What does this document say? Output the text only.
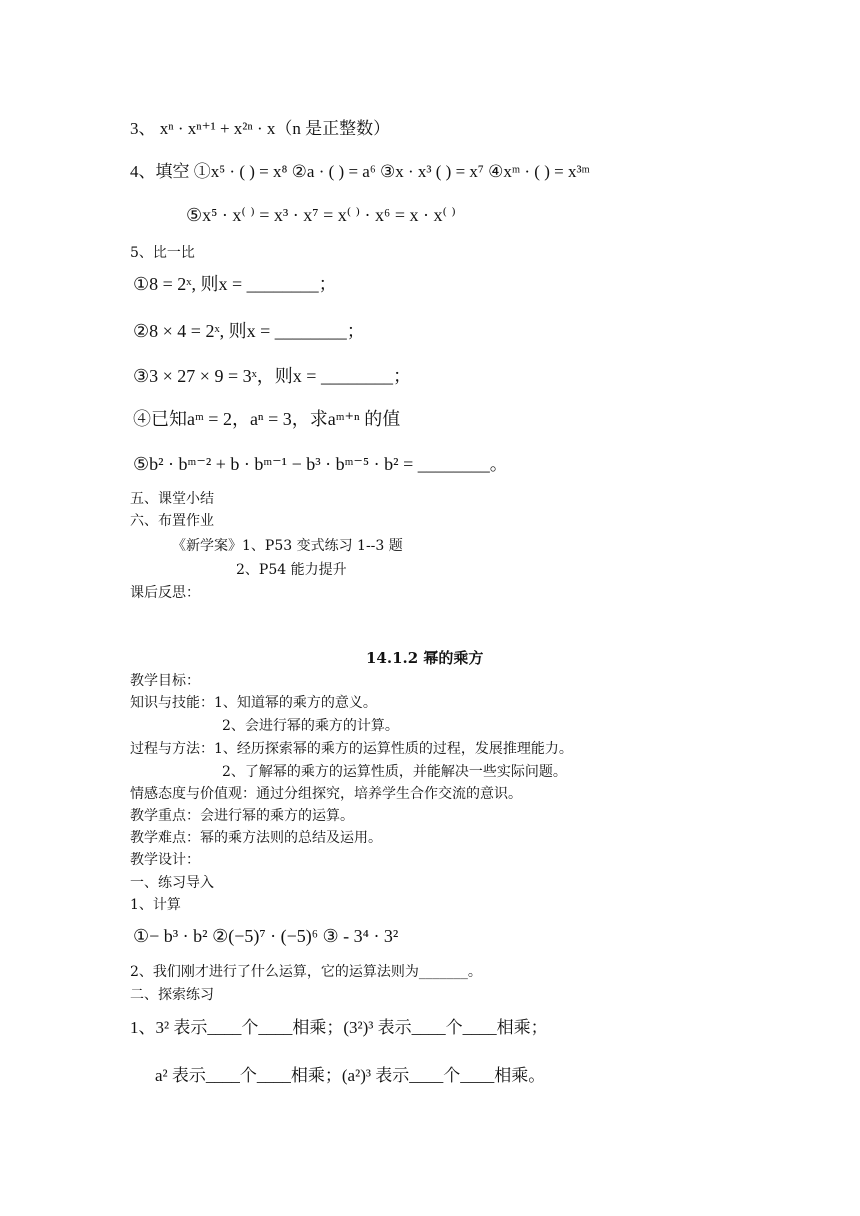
3、 xⁿ · xⁿ⁺¹ + x²ⁿ · x（n 是正整数）
4、填空 ①x⁵ · ( ) = x⁸ ②a · ( ) = a⁶ ③x · x³ ( ) = x⁷ ④xᵐ · ( ) = x³ᵐ
⑤x⁵ · x⁽ ⁾ = x³ · x⁷ = x⁽ ⁾ · x⁶ = x · x⁽ ⁾
5、比一比
①8 = 2ˣ, 则x = ________；
②8 × 4 = 2ˣ, 则x = ________；
③3 × 27 × 9 = 3ˣ，则x = ________；
④已知aᵐ = 2，aⁿ = 3，求aᵐ⁺ⁿ 的值
⑤b² · bᵐ⁻² + b · bᵐ⁻¹ − b³ · bᵐ⁻⁵ · b² = ________。
五、课堂小结
六、布置作业
《新学案》1、P53 变式练习 1--3 题
2、P54 能力提升
课后反思：
14.1.2 幂的乘方
教学目标：
知识与技能：1、知道幂的乘方的意义。
2、会进行幂的乘方的计算。
过程与方法：1、经历探索幂的乘方的运算性质的过程，发展推理能力。
2、了解幂的乘方的运算性质，并能解决一些实际问题。
情感态度与价值观：通过分组探究，培养学生合作交流的意识。
教学重点：会进行幂的乘方的运算。
教学难点：幂的乘方法则的总结及运用。
教学设计：
一、练习导入
1、计算
①− b³ · b² ②(−5)⁷ · (−5)⁶ ③ - 3⁴ · 3²
2、我们刚才进行了什么运算，它的运算法则为_______。
二、探索练习
1、3² 表示____个____相乘；(3²)³ 表示____个____相乘；
a² 表示____个____相乘；(a²)³ 表示____个____相乘。
